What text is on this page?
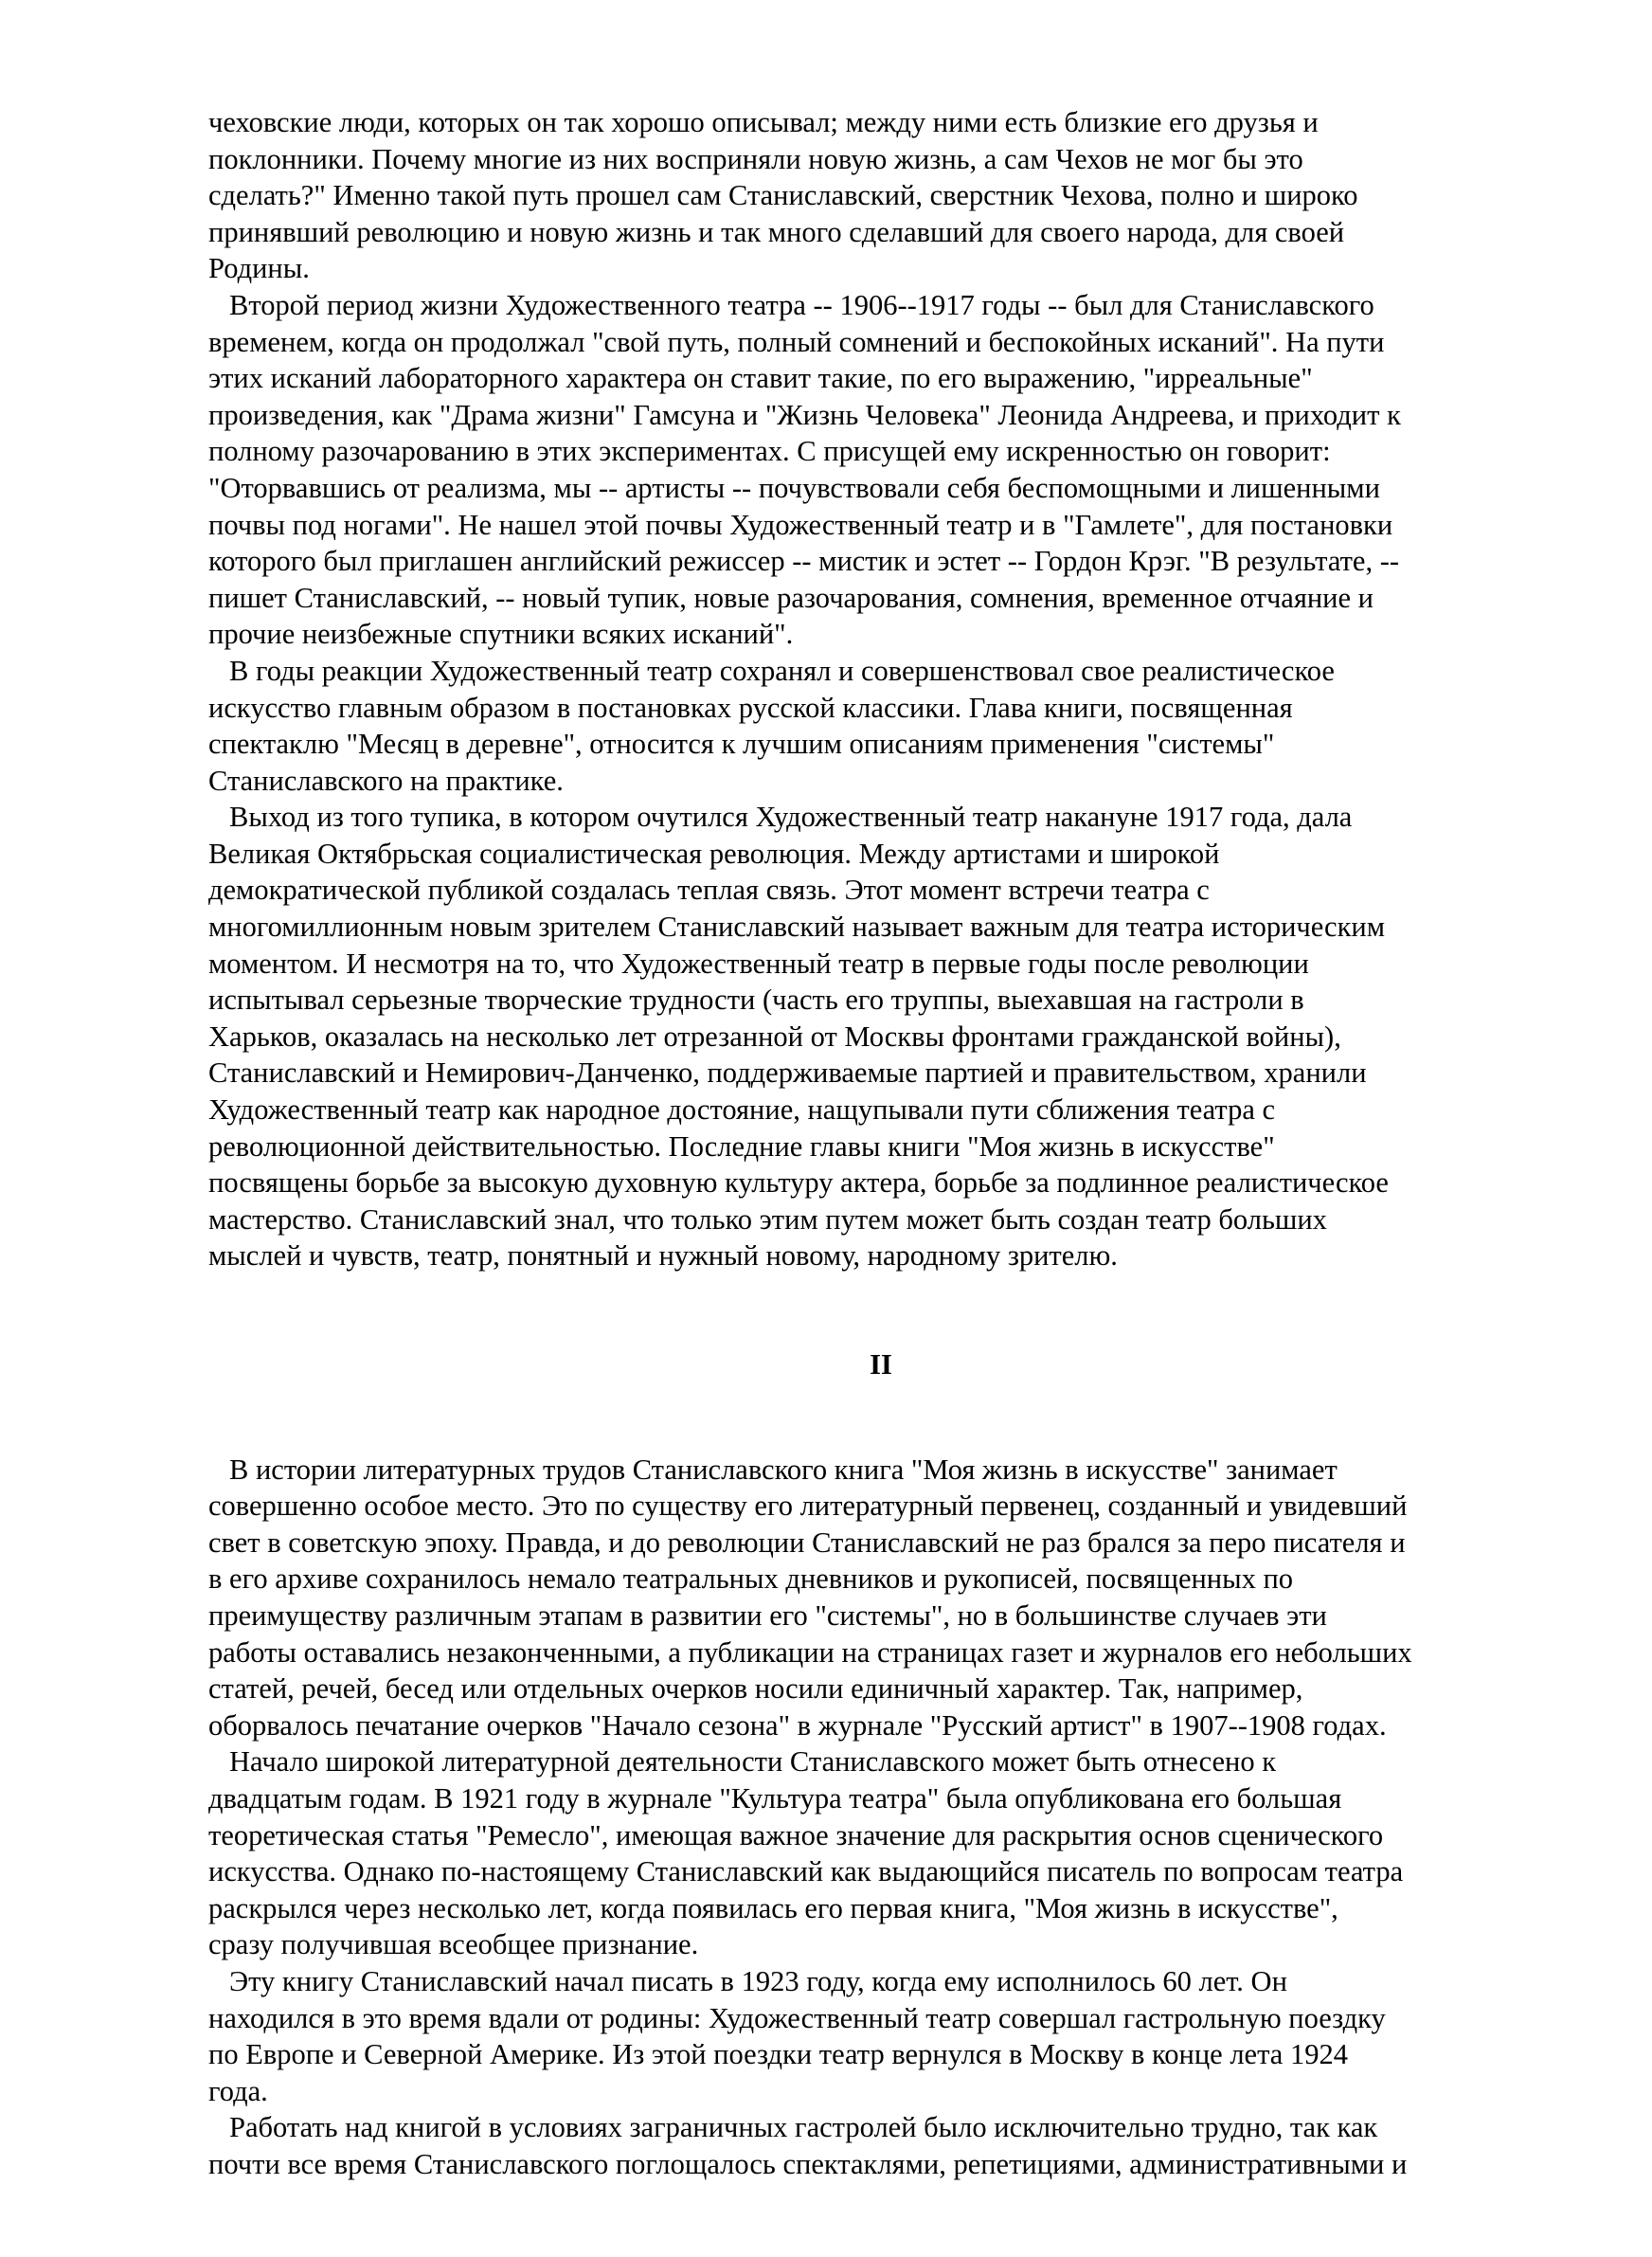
чеховские люди, которых он так хорошо описывал; между ними есть близкие его друзья и
поклонники. Почему многие из них восприняли новую жизнь, а сам Чехов не мог бы это
сделать?" Именно такой путь прошел сам Станиславский, сверстник Чехова, полно и широко
принявший революцию и новую жизнь и так много сделавший для своего народа, для своей
Родины.

Второй период жизни Художественного театра -- 1906--1917 годы -- был для Станиславского
временем, когда он продолжал "свой путь, полный сомнений и беспокойных исканий". На пути
этих исканий лабораторного характера он ставит такие, по его выражению, "ирреальные"
произведения, как "Драма жизни" Гамсуна и "Жизнь Человека" Леонида Андреева, и приходит к
полному разочарованию в этих экспериментах. С присущей ему искренностью он говорит:
"Оторвавшись от реализма, мы -- артисты -- почувствовали себя беспомощными и лишенными
почвы под ногами". Не нашел этой почвы Художественный театр и в "Гамлете", для постановки
которого был приглашен английский режиссер -- мистик и эстет -- Гордон Крэг. "В результате, --
пишет Станиславский, -- новый тупик, новые разочарования, сомнения, временное отчаяние и
прочие неизбежные спутники всяких исканий".

В годы реакции Художественный театр сохранял и совершенствовал свое реалистическое
искусство главным образом в постановках русской классики. Глава книги, посвященная
спектаклю "Месяц в деревне", относится к лучшим описаниям применения "системы"
Станиславского на практике.

Выход из того тупика, в котором очутился Художественный театр накануне 1917 года, дала
Великая Октябрьская социалистическая революция. Между артистами и широкой
демократической публикой создалась теплая связь. Этот момент встречи театра с
многомиллионным новым зрителем Станиславский называет важным для театра историческим
моментом. И несмотря на то, что Художественный театр в первые годы после революции
испытывал серьезные творческие трудности (часть его труппы, выехавшая на гастроли в
Харьков, оказалась на несколько лет отрезанной от Москвы фронтами гражданской войны),
Станиславский и Немирович-Данченко, поддерживаемые партией и правительством, хранили
Художественный театр как народное достояние, нащупывали пути сближения театра с
революционной действительностью. Последние главы книги "Моя жизнь в искусстве"
посвящены борьбе за высокую духовную культуру актера, борьбе за подлинное реалистическое
мастерство. Станиславский знал, что только этим путем может быть создан театр больших
мыслей и чувств, театр, понятный и нужный новому, народному зрителю.

II

В истории литературных трудов Станиславского книга "Моя жизнь в искусстве" занимает
совершенно особое место. Это по существу его литературный первенец, созданный и увидевший
свет в советскую эпоху. Правда, и до революции Станиславский не раз брался за перо писателя и
в его архиве сохранилось немало театральных дневников и рукописей, посвященных по
преимуществу различным этапам в развитии его "системы", но в большинстве случаев эти
работы оставались незаконченными, а публикации на страницах газет и журналов его небольших
статей, речей, бесед или отдельных очерков носили единичный характер. Так, например,
оборвалось печатание очерков "Начало сезона" в журнале "Русский артист" в 1907--1908 годах.

Начало широкой литературной деятельности Станиславского может быть отнесено к
двадцатым годам. В 1921 году в журнале "Культура театра" была опубликована его большая
теоретическая статья "Ремесло", имеющая важное значение для раскрытия основ сценического
искусства. Однако по-настоящему Станиславский как выдающийся писатель по вопросам театра
раскрылся через несколько лет, когда появилась его первая книга, "Моя жизнь в искусстве",
сразу получившая всеобщее признание.

Эту книгу Станиславский начал писать в 1923 году, когда ему исполнилось 60 лет. Он
находился в это время вдали от родины: Художественный театр совершал гастрольную поездку
по Европе и Северной Америке. Из этой поездки театр вернулся в Москву в конце лета 1924
года.

Работать над книгой в условиях заграничных гастролей было исключительно трудно, так как
почти все время Станиславского поглощалось спектаклями, репетициями, административными и
